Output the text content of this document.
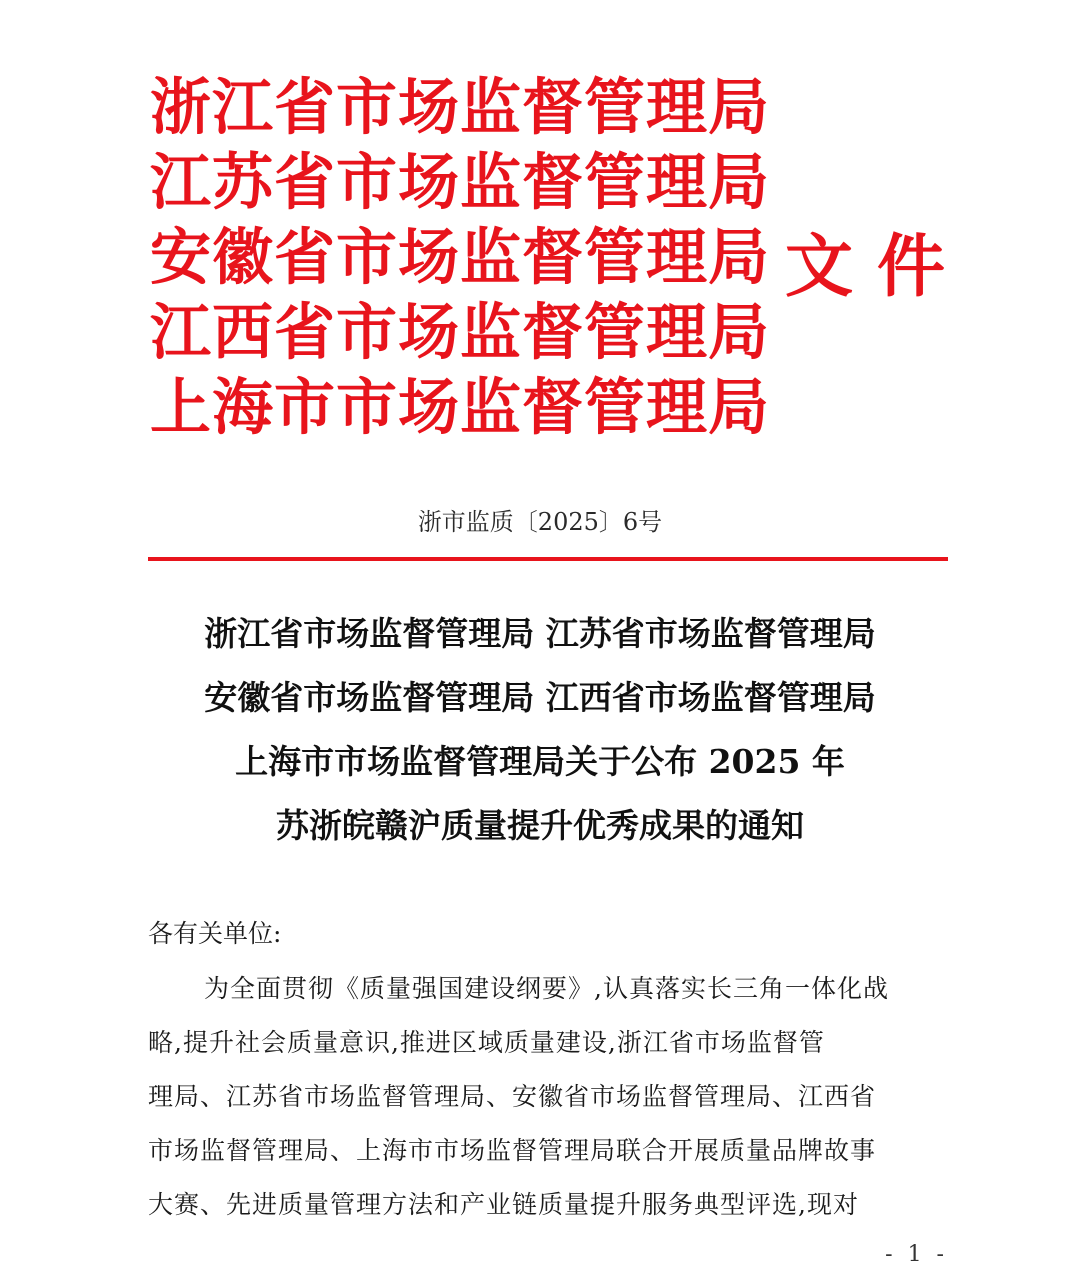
浙江省市场监督管理局
江苏省市场监督管理局
安徽省市场监督管理局
江西省市场监督管理局
上海市市场监督管理局
文件
浙市监质〔2025〕6号
浙江省市场监督管理局 江苏省市场监督管理局
安徽省市场监督管理局 江西省市场监督管理局
上海市市场监督管理局关于公布 2025 年
苏浙皖赣沪质量提升优秀成果的通知
各有关单位:
为全面贯彻《质量强国建设纲要》,认真落实长三角一体化战
略,提升社会质量意识,推进区域质量建设,浙江省市场监督管
理局、江苏省市场监督管理局、安徽省市场监督管理局、江西省
市场监督管理局、上海市市场监督管理局联合开展质量品牌故事
大赛、先进质量管理方法和产业链质量提升服务典型评选,现对
- 1 -
